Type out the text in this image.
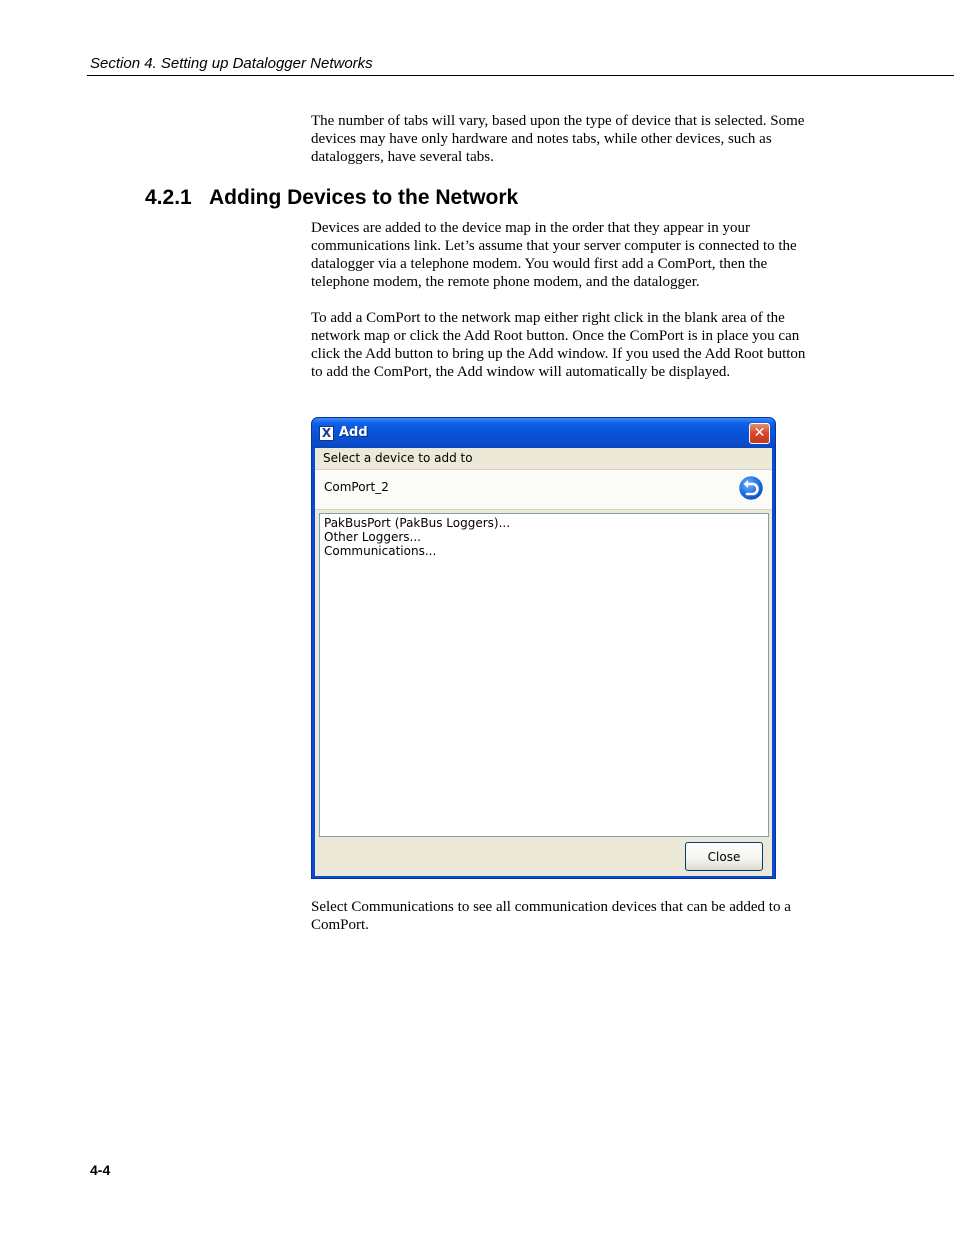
Section 4. Setting up Datalogger Networks

The number of tabs will vary, based upon the type of device that is selected. Some devices may have only hardware and notes tabs, while other devices, such as dataloggers, have several tabs.

4.2.1 Adding Devices to the Network

Devices are added to the device map in the order that they appear in your communications link. Let’s assume that your server computer is connected to the datalogger via a telephone modem. You would first add a ComPort, then the telephone modem, the remote phone modem, and the datalogger.

To add a ComPort to the network map either right click in the blank area of the network map or click the Add Root button. Once the ComPort is in place you can click the Add button to bring up the Add window. If you used the Add Root button to add the ComPort, the Add window will automatically be displayed.

X Add	✕
Select a device to add to
ComPort_2
PakBusPort (PakBus Loggers)...
Other Loggers...
Communications...
Close

Select Communications to see all communication devices that can be added to a ComPort.

4-4
